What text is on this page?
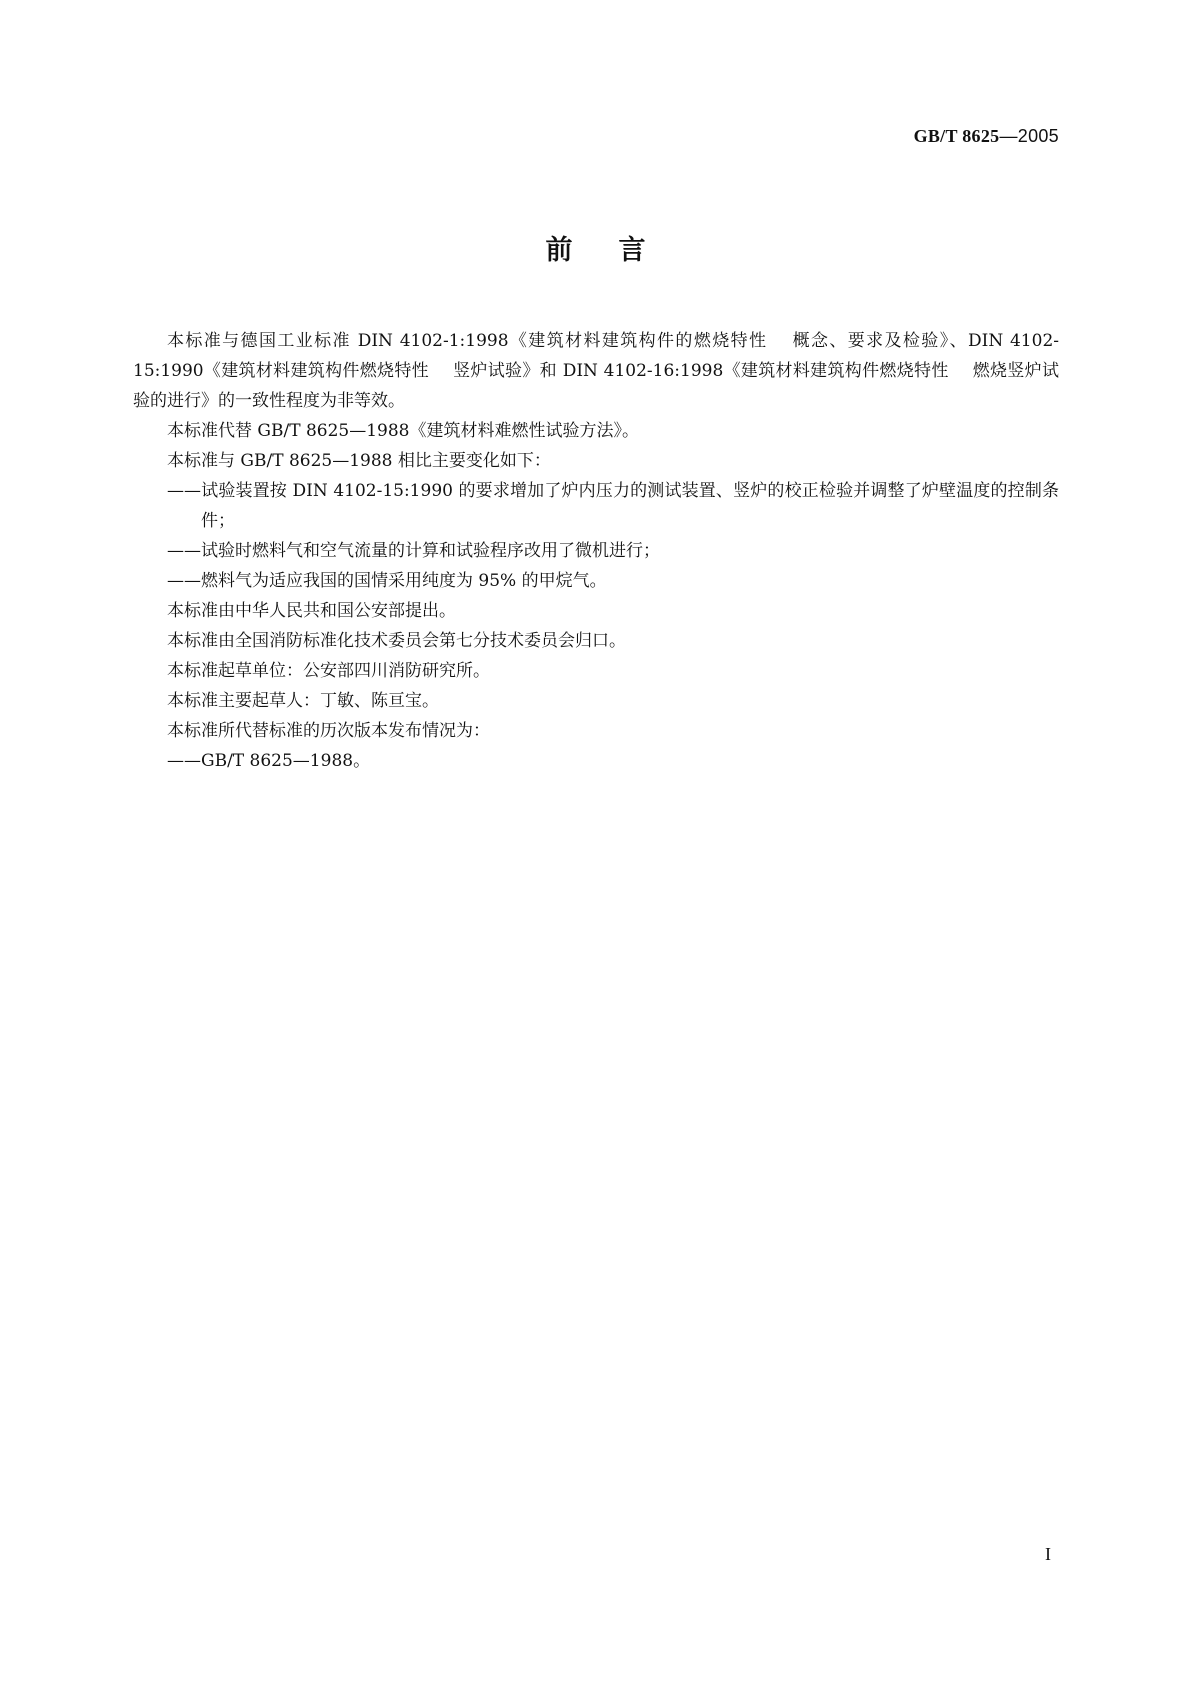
GB/T 8625—2005
前言

本标准与德国工业标准 DIN 4102-1:1998《建筑材料建筑构件的燃烧特性 概念、要求及检验》、DIN 4102-15:1990《建筑材料建筑构件燃烧特性 竖炉试验》和 DIN 4102-16:1998《建筑材料建筑构件燃烧特性 燃烧竖炉试验的进行》的一致性程度为非等效。

本标准代替 GB/T 8625—1988《建筑材料难燃性试验方法》。

本标准与 GB/T 8625—1988 相比主要变化如下：

——试验装置按 DIN 4102-15:1990 的要求增加了炉内压力的测试装置、竖炉的校正检验并调整了炉壁温度的控制条件；

——试验时燃料气和空气流量的计算和试验程序改用了微机进行；

——燃料气为适应我国的国情采用纯度为 95% 的甲烷气。

本标准由中华人民共和国公安部提出。

本标准由全国消防标准化技术委员会第七分技术委员会归口。

本标准起草单位：公安部四川消防研究所。

本标准主要起草人：丁敏、陈亘宝。

本标准所代替标准的历次版本发布情况为：

——GB/T 8625—1988。

I
